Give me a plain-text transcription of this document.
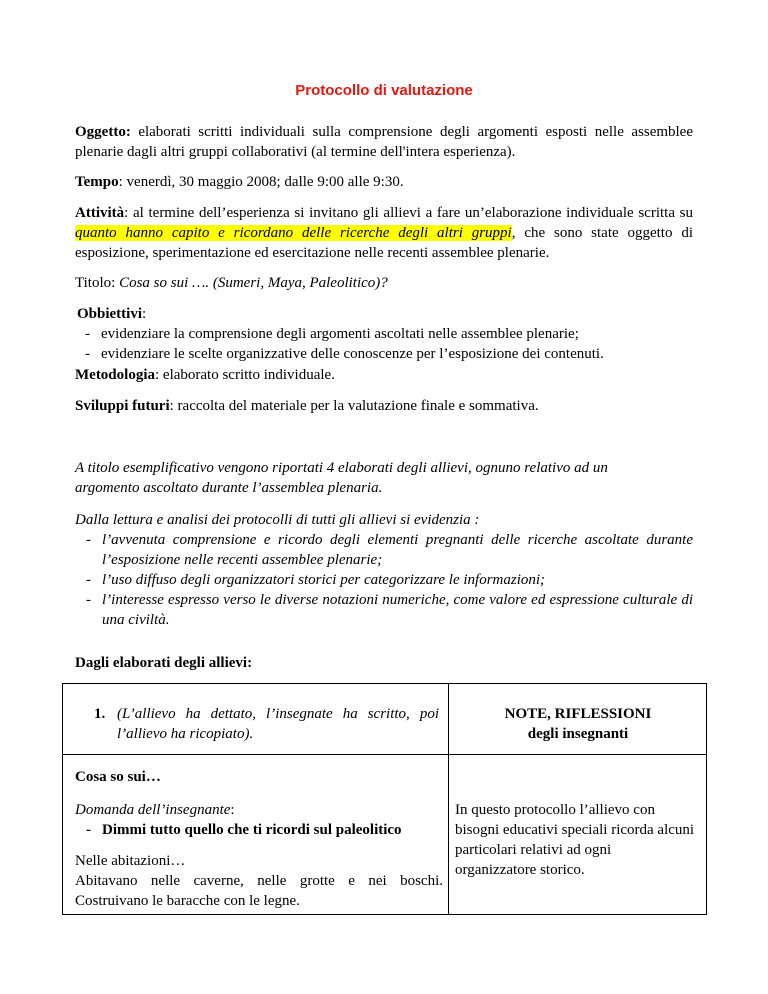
Protocollo di valutazione
Oggetto: elaborati scritti individuali sulla comprensione degli argomenti esposti nelle assemblee plenarie dagli altri gruppi collaborativi (al termine dell'intera esperienza).
Tempo: venerdì, 30 maggio 2008; dalle 9:00 alle 9:30.
Attività: al termine dell’esperienza si invitano gli allievi a fare un’elaborazione individuale scritta su quanto hanno capito e ricordano delle ricerche degli altri gruppi, che sono state oggetto di esposizione, sperimentazione ed esercitazione nelle recenti assemblee plenarie.
Titolo: Cosa so sui …. (Sumeri, Maya, Paleolitico)?
Obbiettivi:
- evidenziare la comprensione degli argomenti ascoltati nelle assemblee plenarie;
- evidenziare le scelte organizzative delle conoscenze per l’esposizione dei contenuti.
Metodologia: elaborato scritto individuale.
Sviluppi futuri: raccolta del materiale per la valutazione finale e sommativa.
A titolo esemplificativo vengono riportati 4 elaborati degli allievi, ognuno relativo ad un argomento ascoltato durante l’assemblea plenaria.
Dalla lettura e analisi dei protocolli di tutti gli allievi si evidenzia :
- l’avvenuta comprensione e ricordo degli elementi pregnanti delle ricerche ascoltate durante l’esposizione nelle recenti assemblee plenarie;
- l’uso diffuso degli organizzatori storici per categorizzare le informazioni;
- l’interesse espresso verso le diverse notazioni numeriche, come valore ed espressione culturale di una civiltà.
Dagli elaborati degli allievi:
1. (L’allievo ha dettato, l’insegnate ha scritto, poi l’allievo ha ricopiato).
NOTE, RIFLESSIONI
degli insegnanti
Cosa so sui…
Domanda dell’insegnante:
- Dimmi tutto quello che ti ricordi sul paleolitico
Nelle abitazioni…
Abitavano nelle caverne, nelle grotte e nei boschi. Costruivano le baracche con le legne.
In questo protocollo l’allievo con bisogni educativi speciali ricorda alcuni particolari relativi ad ogni organizzatore storico.
